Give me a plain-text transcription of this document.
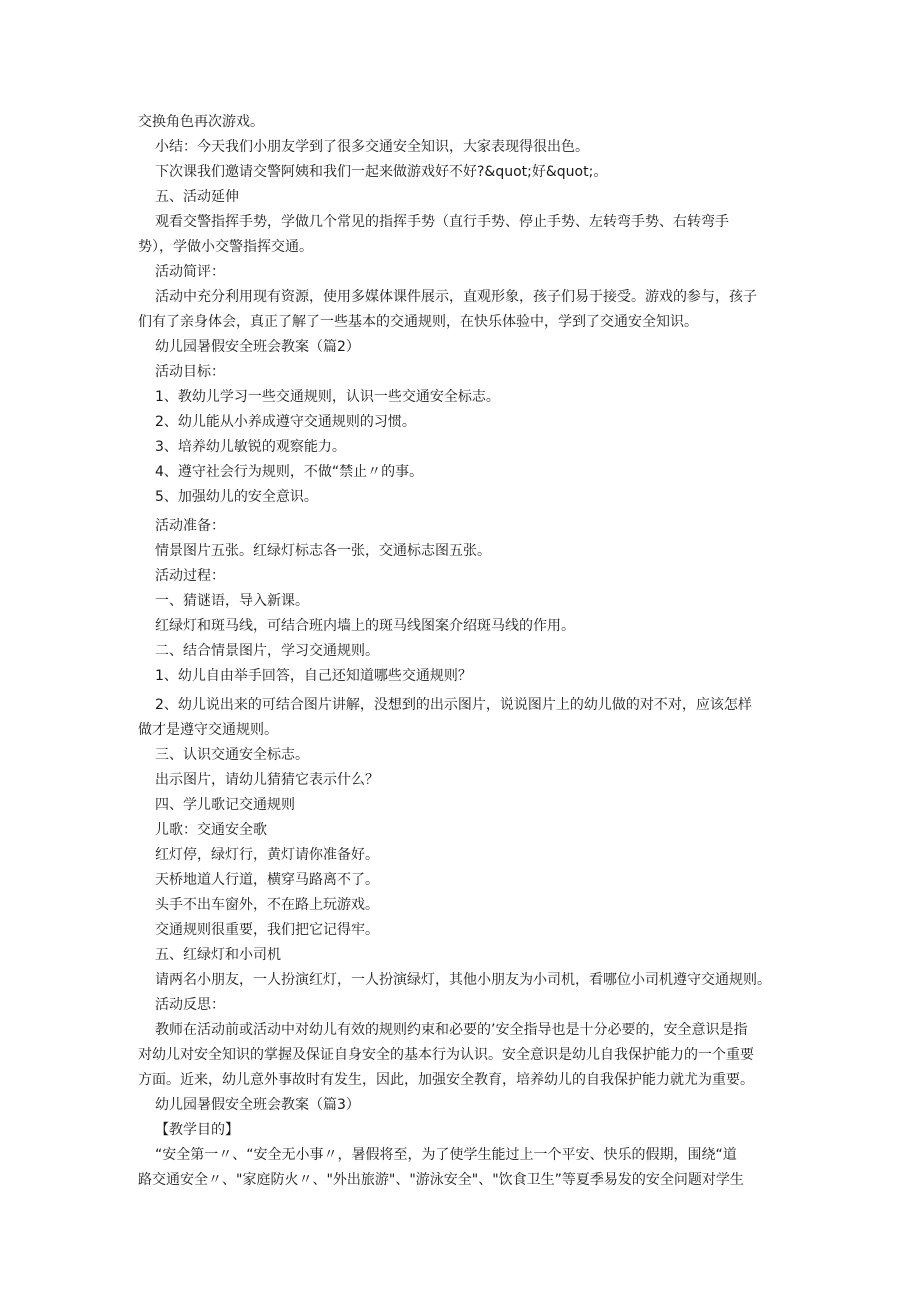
交换角色再次游戏。

小结：今天我们小朋友学到了很多交通安全知识，大家表现得很出色。

下次课我们邀请交警阿姨和我们一起来做游戏好不好?&quot;好&quot;。

五、活动延伸

观看交警指挥手势，学做几个常见的指挥手势（直行手势、停止手势、左转弯手势、右转弯手

势），学做小交警指挥交通。

活动简评：

活动中充分利用现有资源，使用多媒体课件展示，直观形象，孩子们易于接受。游戏的参与，孩子

们有了亲身体会，真正了解了一些基本的交通规则，在快乐体验中，学到了交通安全知识。

幼儿园暑假安全班会教案（篇2）

活动目标：

1、教幼儿学习一些交通规则，认识一些交通安全标志。

2、幼儿能从小养成遵守交通规则的习惯。

3、培养幼儿敏锐的观察能力。

4、遵守社会行为规则，不做“禁止〃的事。

5、加强幼儿的安全意识。

活动准备：

情景图片五张。红绿灯标志各一张，交通标志图五张。

活动过程：

一、猜谜语，导入新课。

红绿灯和斑马线，可结合班内墙上的斑马线图案介绍斑马线的作用。

二、结合情景图片，学习交通规则。

1、幼儿自由举手回答，自己还知道哪些交通规则？

2、幼儿说出来的可结合图片讲解，没想到的出示图片，说说图片上的幼儿做的对不对，应该怎样

做才是遵守交通规则。

三、认识交通安全标志。

出示图片，请幼儿猜猜它表示什么？

四、学儿歌记交通规则

儿歌：交通安全歌

红灯停，绿灯行，黄灯请你准备好。

天桥地道人行道，横穿马路离不了。

头手不出车窗外，不在路上玩游戏。

交通规则很重要，我们把它记得牢。

五、红绿灯和小司机

请两名小朋友，一人扮演红灯，一人扮演绿灯，其他小朋友为小司机，看哪位小司机遵守交通规则。

活动反思：

教师在活动前或活动中对幼儿有效的规则约束和必要的’安全指导也是十分必要的，安全意识是指

对幼儿对安全知识的掌握及保证自身安全的基本行为认识。安全意识是幼儿自我保护能力的一个重要

方面。近来，幼儿意外事故时有发生，因此，加强安全教育，培养幼儿的自我保护能力就尤为重要。

幼儿园暑假安全班会教案（篇3）

【教学目的】

“安全第一〃、“安全无小事〃，暑假将至，为了使学生能过上一个平安、快乐的假期，围绕“道

路交通安全〃、"家庭防火〃、"外出旅游"、"游泳安全"、"饮食卫生”等夏季易发的安全问题对学生
